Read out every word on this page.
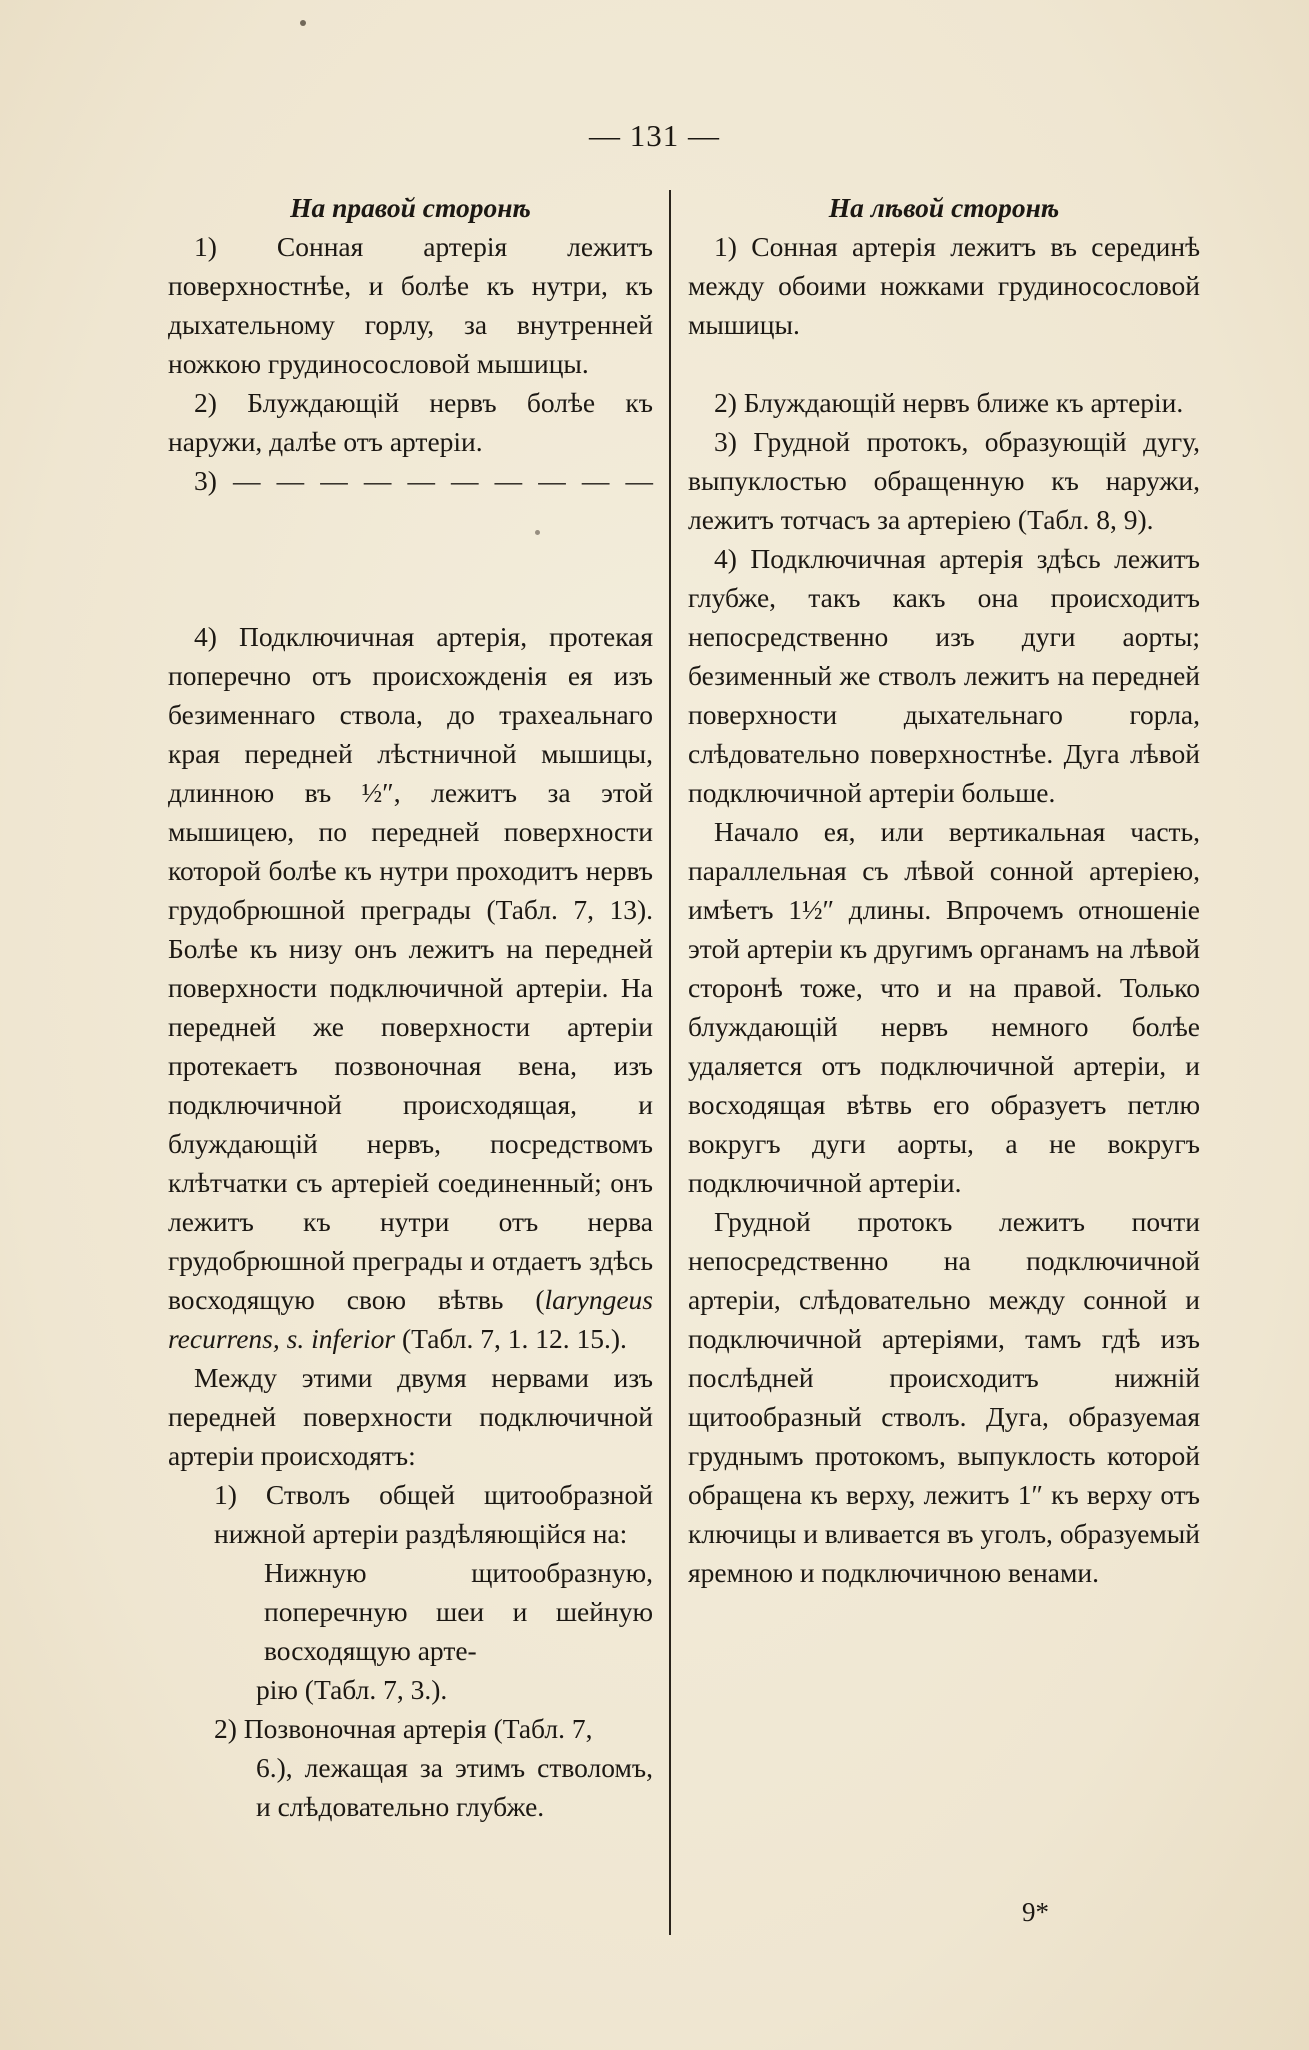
— 131 —
На правой сторонѣ

1) Сонная артерія лежитъ поверхностнѣе, и болѣе къ нутри, къ дыхательному горлу, за внутренней ножкою грудиносословой мышицы.

2) Блуждающій нервъ болѣе къ наружи, далѣе отъ артеріи.

3) — — — — — — — — — —

4) Подключичная артерія, протекая поперечно отъ происхожденія ея изъ безименнаго ствола, до трахеальнаго края передней лѣстничной мышицы, длинною въ ½″, лежитъ за этой мышицею, по передней поверхности которой болѣе къ нутри проходитъ нервъ грудобрюшной преграды (Табл. 7, 13). Болѣе къ низу онъ лежитъ на передней поверхности подключичной артеріи. На передней же поверхности артеріи протекаетъ позвоночная вена, изъ подключичной происходящая, и блуждающій нервъ, посредствомъ клѣтчатки съ артеріей соединенный; онъ лежитъ къ нутри отъ нерва грудобрюшной преграды и отдаетъ здѣсь восходящую свою вѣтвь (laryngeus recurrens, s. inferior (Табл. 7, 1. 12. 15.).

Между этими двумя нервами изъ передней поверхности подключичной артеріи происходятъ:

1) Стволъ общей щитообразной нижной артеріи раздѣляющійся на:

Нижную щитообразную, поперечную шеи и шейную восходящую арте-

рію (Табл. 7, 3.).

2) Позвоночная артерія (Табл. 7,

6.), лежащая за этимъ стволомъ, и слѣдовательно глубже.

На лѣвой сторонѣ

1) Сонная артерія лежитъ въ серединѣ между обоими ножками грудиносословой мышицы.

2) Блуждающій нервъ ближе къ артеріи.

3) Грудной протокъ, образующій дугу, выпуклостью обращенную къ наружи, лежитъ тотчасъ за артеріею (Табл. 8, 9).

4) Подключичная артерія здѣсь лежитъ глубже, такъ какъ она происходитъ непосредственно изъ дуги аорты; безименный же стволъ лежитъ на передней поверхности дыхательнаго горла, слѣдовательно поверхностнѣе. Дуга лѣвой подключичной артеріи больше.

Начало ея, или вертикальная часть, параллельная съ лѣвой сонной артеріею, имѣетъ 1½″ длины. Впрочемъ отношеніе этой артеріи къ другимъ органамъ на лѣвой сторонѣ тоже, что и на правой. Только блуждающій нервъ немного болѣе удаляется отъ подключичной артеріи, и восходящая вѣтвь его образуетъ петлю вокругъ дуги аорты, а не вокругъ подключичной артеріи.

Грудной протокъ лежитъ почти непосредственно на подключичной артеріи, слѣдовательно между сонной и подключичной артеріями, тамъ гдѣ изъ послѣдней происходитъ нижній щитообразный стволъ. Дуга, образуемая груднымъ протокомъ, выпуклость которой обращена къ верху, лежитъ 1″ къ верху отъ ключицы и вливается въ уголъ, образуемый яремною и подключичною венами.

9*
